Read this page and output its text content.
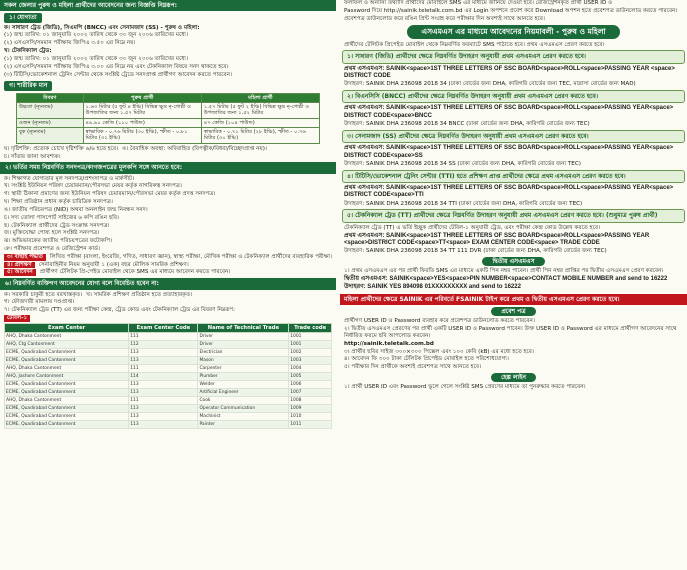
সকল জেলার পুরুষ ও মহিলা প্রার্থীদের আবেদনের জন্য বিজ্ঞপ্তি নিম্নরূপ:
১। যোগ্যতা
ক। সাধারণ ট্রেড (জিডি), সিএমপি (BNCC) এবং সেনামজাদ (SS) - পুরুষ ও মহিলা:
(১) জন্ম তারিখ: ০১ জানুয়ারি ২০০২ তারিখ থেকে ৩০ জুন ২০০৬ তারিখের মধ্যে।
(২) এসএসসি/সমমান পরীক্ষায় জিপিএ ৩.৫০ এর নিম্নে নয়।
খ। টেকনিক্যাল ট্রেড:
(১) জন্ম তারিখ: ০১ জানুয়ারি ২০০২ তারিখ থেকে ৩০ জুন ২০০৬ তারিখের মধ্যে।
(২) এসএসসি/সমমান পরীক্ষায় জিপিএ ৩.০০ এর নিম্নে নয় এবং টেকনিক্যাল বিষয়ে সনদ থাকতে হবে।
(৩) টিটিসি/ভোকেশনাল ট্রেনিং সেন্টার থেকে সংশ্লিষ্ট ট্রেডে সনদপ্রাপ্ত প্রার্থীগণ আবেদন করতে পারবেন।
গ। শারীরিক মান
বিবরণ	পুরুষ প্রার্থী	মহিলা প্রার্থী
উচ্চতা (ন্যূনতম)	১.৬৩ মিটার (৫ ফুট ৪ ইঞ্চি) বিভিন্ন ক্ষুদ্র নৃ-গোষ্ঠী ও উপজাতির জন্য ১.৫৭ মিটার	১.৫৭ মিটার (৫ ফুট ২ ইঞ্চি) বিভিন্ন ক্ষুদ্র নৃ-গোষ্ঠী ও উপজাতির জন্য ১.৫২ মিটার
ওজন (ন্যূনতম)	৪৯.৯০ কেজি (১১০ পাউন্ড)	৪৭ কেজি (১০৪ পাউন্ড)
বুক (ন্যূনতম)	স্বাভাবিক - ০.৭৬ মিটার (৩০ ইঞ্চি), স্ফীত - ০.৮১ মিটার (৩২ ইঞ্চি)	স্বাভাবিক - ০.৭১ মিটার (২৮ ইঞ্চি), স্ফীত - ০.৭৬ মিটার (৩০ ইঞ্চি)
ঘ। দৃষ্টিশক্তি: প্রত্যেক চোখে দৃষ্টিশক্তি ৬/৬ হতে হবে। ঙ। বৈবাহিক অবস্থা: অবিবাহিত (বিপত্নীক/বিধবা/বিচ্ছেদপ্রাপ্ত নয়)।
চ। সাঁতার জানা আবশ্যক।
২। ভর্তির সময় নিম্নবর্ণিত সনদপত্র/কাগজপত্রের মূলকপি সঙ্গে আনতে হবে:
ক। শিক্ষাগত যোগ্যতার মূল সনদপত্র/প্রশংসাপত্র ও মার্কসীট।
খ। সংশ্লিষ্ট ইউনিয়ন পরিষদ চেয়ারম্যান/পৌরসভা মেয়র কর্তৃক নাগরিকত্ব সনদপত্র।
গ। স্থায়ী ঠিকানা প্রমাণের জন্য ইউনিয়ন পরিষদ চেয়ারম্যান/পৌরসভা মেয়র কর্তৃক প্রদত্ত সনদপত্র।
ঘ। শিক্ষা প্রতিষ্ঠান প্রধান কর্তৃক চারিত্রিক সনদপত্র।
ঙ। জাতীয় পরিচয়পত্র (NID) অথবা অনলাইন জন্ম নিবন্ধন সনদ।
চ। সদ্য তোলা পাসপোর্ট সাইজের ৬ কপি রঙিন ছবি।
ছ। টেকনিক্যাল প্রার্থীদের ট্রেড সংক্রান্ত সনদপত্র।
জ। মুক্তিযোদ্ধা পোষ্য হলে সংশ্লিষ্ট সনদপত্র।
ঝ। অভিভাবকের জাতীয় পরিচয়পত্রের ফটোকপি।
ঞ। পরীক্ষার প্রবেশপত্র ও রেজিস্ট্রেশন কার্ড।
৩। বাছাই পদ্ধতি	লিখিত পরীক্ষা (বাংলা, ইংরেজি, গণিত, সাধারণ জ্ঞান), স্বাস্থ্য পরীক্ষা, মৌখিক পরীক্ষা ও টেকনিক্যাল প্রার্থীদের ব্যবহারিক পরীক্ষা।
৪। প্রশিক্ষণ	সেনাবাহিনীর নিয়ম অনুযায়ী ১ (এক) বছর মৌলিক সামরিক প্রশিক্ষণ।
৫। আবেদন	প্রার্থীগণ টেলিটক প্রি-পেইড মোবাইল থেকে SMS এর মাধ্যমে আবেদন করতে পারবেন।
৬। নিম্নবর্ণিত ব্যক্তিগণ আবেদনের যোগ্য বলে বিবেচিত হবেন না:
ক। সরকারি চাকুরী হতে বরখাস্তকৃত। খ। সামরিক প্রশিক্ষণ প্রতিষ্ঠান হতে প্রত্যাহারকৃত।
গ। ফৌজদারী মামলায় দণ্ডপ্রাপ্ত।
৭। টেকনিক্যাল ট্রেড (TT) এর জন্য পরীক্ষা কেন্দ্র, ট্রেড কোড এবং টেকনিক্যাল ট্রেড এর বিবরণ নিম্নরূপ:
টেবিল-১
Exam Center	Exam Center Code	Name of Technical Trade	Trade code
AHQ, Dhaka Cantonment	111	Driver	1001
AHQ, Ctg Cantonment	112	Driver	1001
ECME, Quadirabad Cantonment	113	Electrician	1002
ECME, Quadirabad Cantonment	113	Mason	1003
AHQ, Dhaka Cantonment	111	Carpenter	1004
AHQ, Jashore Cantonment	114	Plumber	1005
ECME, Quadirabad Cantonment	113	Welder	1006
ECME, Quadirabad Cantonment	113	Artificial Engineer	1007
AHQ, Dhaka Cantonment	111	Cook	1008
ECME, Quadirabad Cantonment	113	Operator Communication	1009
ECME, Quadirabad Cantonment	113	Machinist	1010
ECME, Quadirabad Cantonment	113	Painter	1011
ফলাফল ও অন্যান্য তথ্যাদি প্রার্থীদের মোবাইলে SMS এর মাধ্যমে জানিয়ে দেওয়া হবে। রেজিস্ট্রেশনকৃত প্রার্থী USER ID ও
Password দিয়ে http://sainik.teletalk.com.bd এর Login অপশনে প্রবেশ করে Download অপশন হতে প্রবেশপত্র ডাউনলোড করতে পারবেন।
প্রবেশপত্র ডাউনলোড করে রঙিন প্রিন্ট সংগ্রহ করে পরীক্ষার দিন অবশ্যই সাথে আনতে হবে।
এসএমএস এর মাধ্যমে আবেদনের নিয়মাবলী - পুরুষ ও মহিলা
প্রার্থীদের টেলিটক প্রিপেইড মোবাইল থেকে নিম্নবর্ণিত ফরম্যাটে SMS পাঠাতে হবে। প্রথম এসএমএস প্রেরণ করতে হবে।
১। সাধারণ (জিডি) প্রার্থীদের ক্ষেত্রে নিম্নবর্ণিত উদাহরণ অনুযায়ী প্রথম এসএমএস প্রেরণ করতে হবে।
প্রথম এসএমএস: SAINIK<space>1ST THREE LETTERS OF SSC BOARD<space>ROLL<space>PASSING YEAR <space> DISTRICT CODE
উদাহরণ: SAINIK DHA 236098 2018 34 (ঢাকা বোর্ডের জন্য DHA, কারিগরি বোর্ডের জন্য TEC, মাদ্রাসা বোর্ডের জন্য MAD)
২। বিএনসিসি (BNCC) প্রার্থীদের ক্ষেত্রে নিম্নবর্ণিত উদাহরণ অনুযায়ী প্রথম এসএমএস প্রেরণ করতে হবে।
প্রথম এসএমএস: SAINIK<space>1ST THREE LETTERS OF SSC BOARD<space>ROLL<space>PASSING YEAR<space> DISTRICT CODE<space>BNCC
উদাহরণ: SAINIK DHA 236098 2018 34 BNCC (ঢাকা বোর্ডের জন্য DHA, কারিগরি বোর্ডের জন্য TEC)
৩। সেনামজাদ (SS) প্রার্থীদের ক্ষেত্রে নিম্নবর্ণিত উদাহরণ অনুযায়ী প্রথম এসএমএস প্রেরণ করতে হবে।
প্রথম এসএমএস: SAINIK<space>1ST THREE LETTERS OF SSC BOARD<space>ROLL<space>PASSING YEAR<space> DISTRICT CODE<space>SS
উদাহরণ: SAINIK DHA 236098 2018 34 SS (ঢাকা বোর্ডের জন্য DHA, কারিগরি বোর্ডের জন্য TEC)
৪। টিটিসি/ভোকেশনাল ট্রেনিং সেন্টার (TTI) হতে প্রশিক্ষণ প্রাপ্ত প্রার্থীদের ক্ষেত্রে প্রথম এসএমএস প্রেরণ করতে হবে।
প্রথম এসএমএস: SAINIK<space>1ST THREE LETTERS OF SSC BOARD<space>ROLL<space>PASSING YEAR<space> DISTRICT CODE<space>TTI
উদাহরণ: SAINIK DHA 236098 2018 34 TTI (ঢাকা বোর্ডের জন্য DHA, কারিগরি বোর্ডের জন্য TEC)
৫। টেকনিক্যাল ট্রেড (TT) প্রার্থীদের ক্ষেত্রে নিম্নবর্ণিত উদাহরণ অনুযায়ী প্রথম এসএমএস প্রেরণ করতে হবে। (শুধুমাত্র পুরুষ প্রার্থী)
টেকনিক্যাল ট্রেড (TT) এ ভর্তি ইচ্ছুক প্রার্থীদের টেবিল-১ অনুযায়ী ট্রেড, এবং পরীক্ষা কেন্দ্র কোড উল্লেখ করতে হবে।
প্রথম এসএমএস: SAINIK<space>1ST THREE LETTERS OF SSC BOARD<space>ROLL<space>PASSING YEAR <space>DISTRICT CODE<space>TT<space> EXAM CENTER CODE<space> TRADE CODE
উদাহরণ: SAINIK DHA 236098 2018 34 TT 111 DVR (ঢাকা বোর্ডের জন্য DHA, কারিগরি বোর্ডের জন্য TEC)
দ্বিতীয় এসএমএস
১। প্রথম এসএমএস এর পর প্রার্থী ফিরতি SMS এর মাধ্যমে একটি পিন নম্বর পাবেন। প্রার্থী পিন নম্বর প্রাপ্তির পর দ্বিতীয় এসএমএস প্রেরণ করবেন।
দ্বিতীয় এসএমএস: SAINIK<space>YES<space>PIN NUMBER<space>CONTACT MOBILE NUMBER and send to 16222
উদাহরণ: SAINIK YES 894098 01XXXXXXXXX and send to 16222
মহিলা প্রার্থীদের ক্ষেত্রে SAINIK এর পরিবর্তে FSAINIK টাইপ করে প্রথম ও দ্বিতীয় এসএমএস প্রেরণ করতে হবে।
প্রবেশ পত্র
প্রার্থীগণ USER ID ও Password ব্যবহার করে প্রবেশপত্র ডাউনলোড করতে পারবেন।
২। দ্বিতীয় এসএমএস প্রেরণের পর প্রার্থী একটি USER ID ও Password পাবেন। উক্ত USER ID ও Password এর মাধ্যমে প্রার্থীগণ আবেদনের সাথে নির্ধারিত ফরমে ছবি আপলোড করবেন।
http://sainik.teletalk.com.bd
৩। প্রার্থীর ছবির সাইজ ৩০০×৩০০ পিক্সেল এবং ১০০ কেবি (kB) এর মধ্যে হতে হবে।
৪। আবেদন ফি ৩০০ টাকা টেলিটক প্রিপেইড মোবাইল হতে পরিশোধযোগ্য।
৫। পরীক্ষার দিন প্রার্থীকে অবশ্যই প্রবেশপত্র সাথে আনতে হবে।
হেল্প লাইন
১। প্রার্থী USER ID এবং Password ভুলে গেলে সংশ্লিষ্ট SMS প্রেরণের মাধ্যমে তা পুনরুদ্ধার করতে পারবেন।
